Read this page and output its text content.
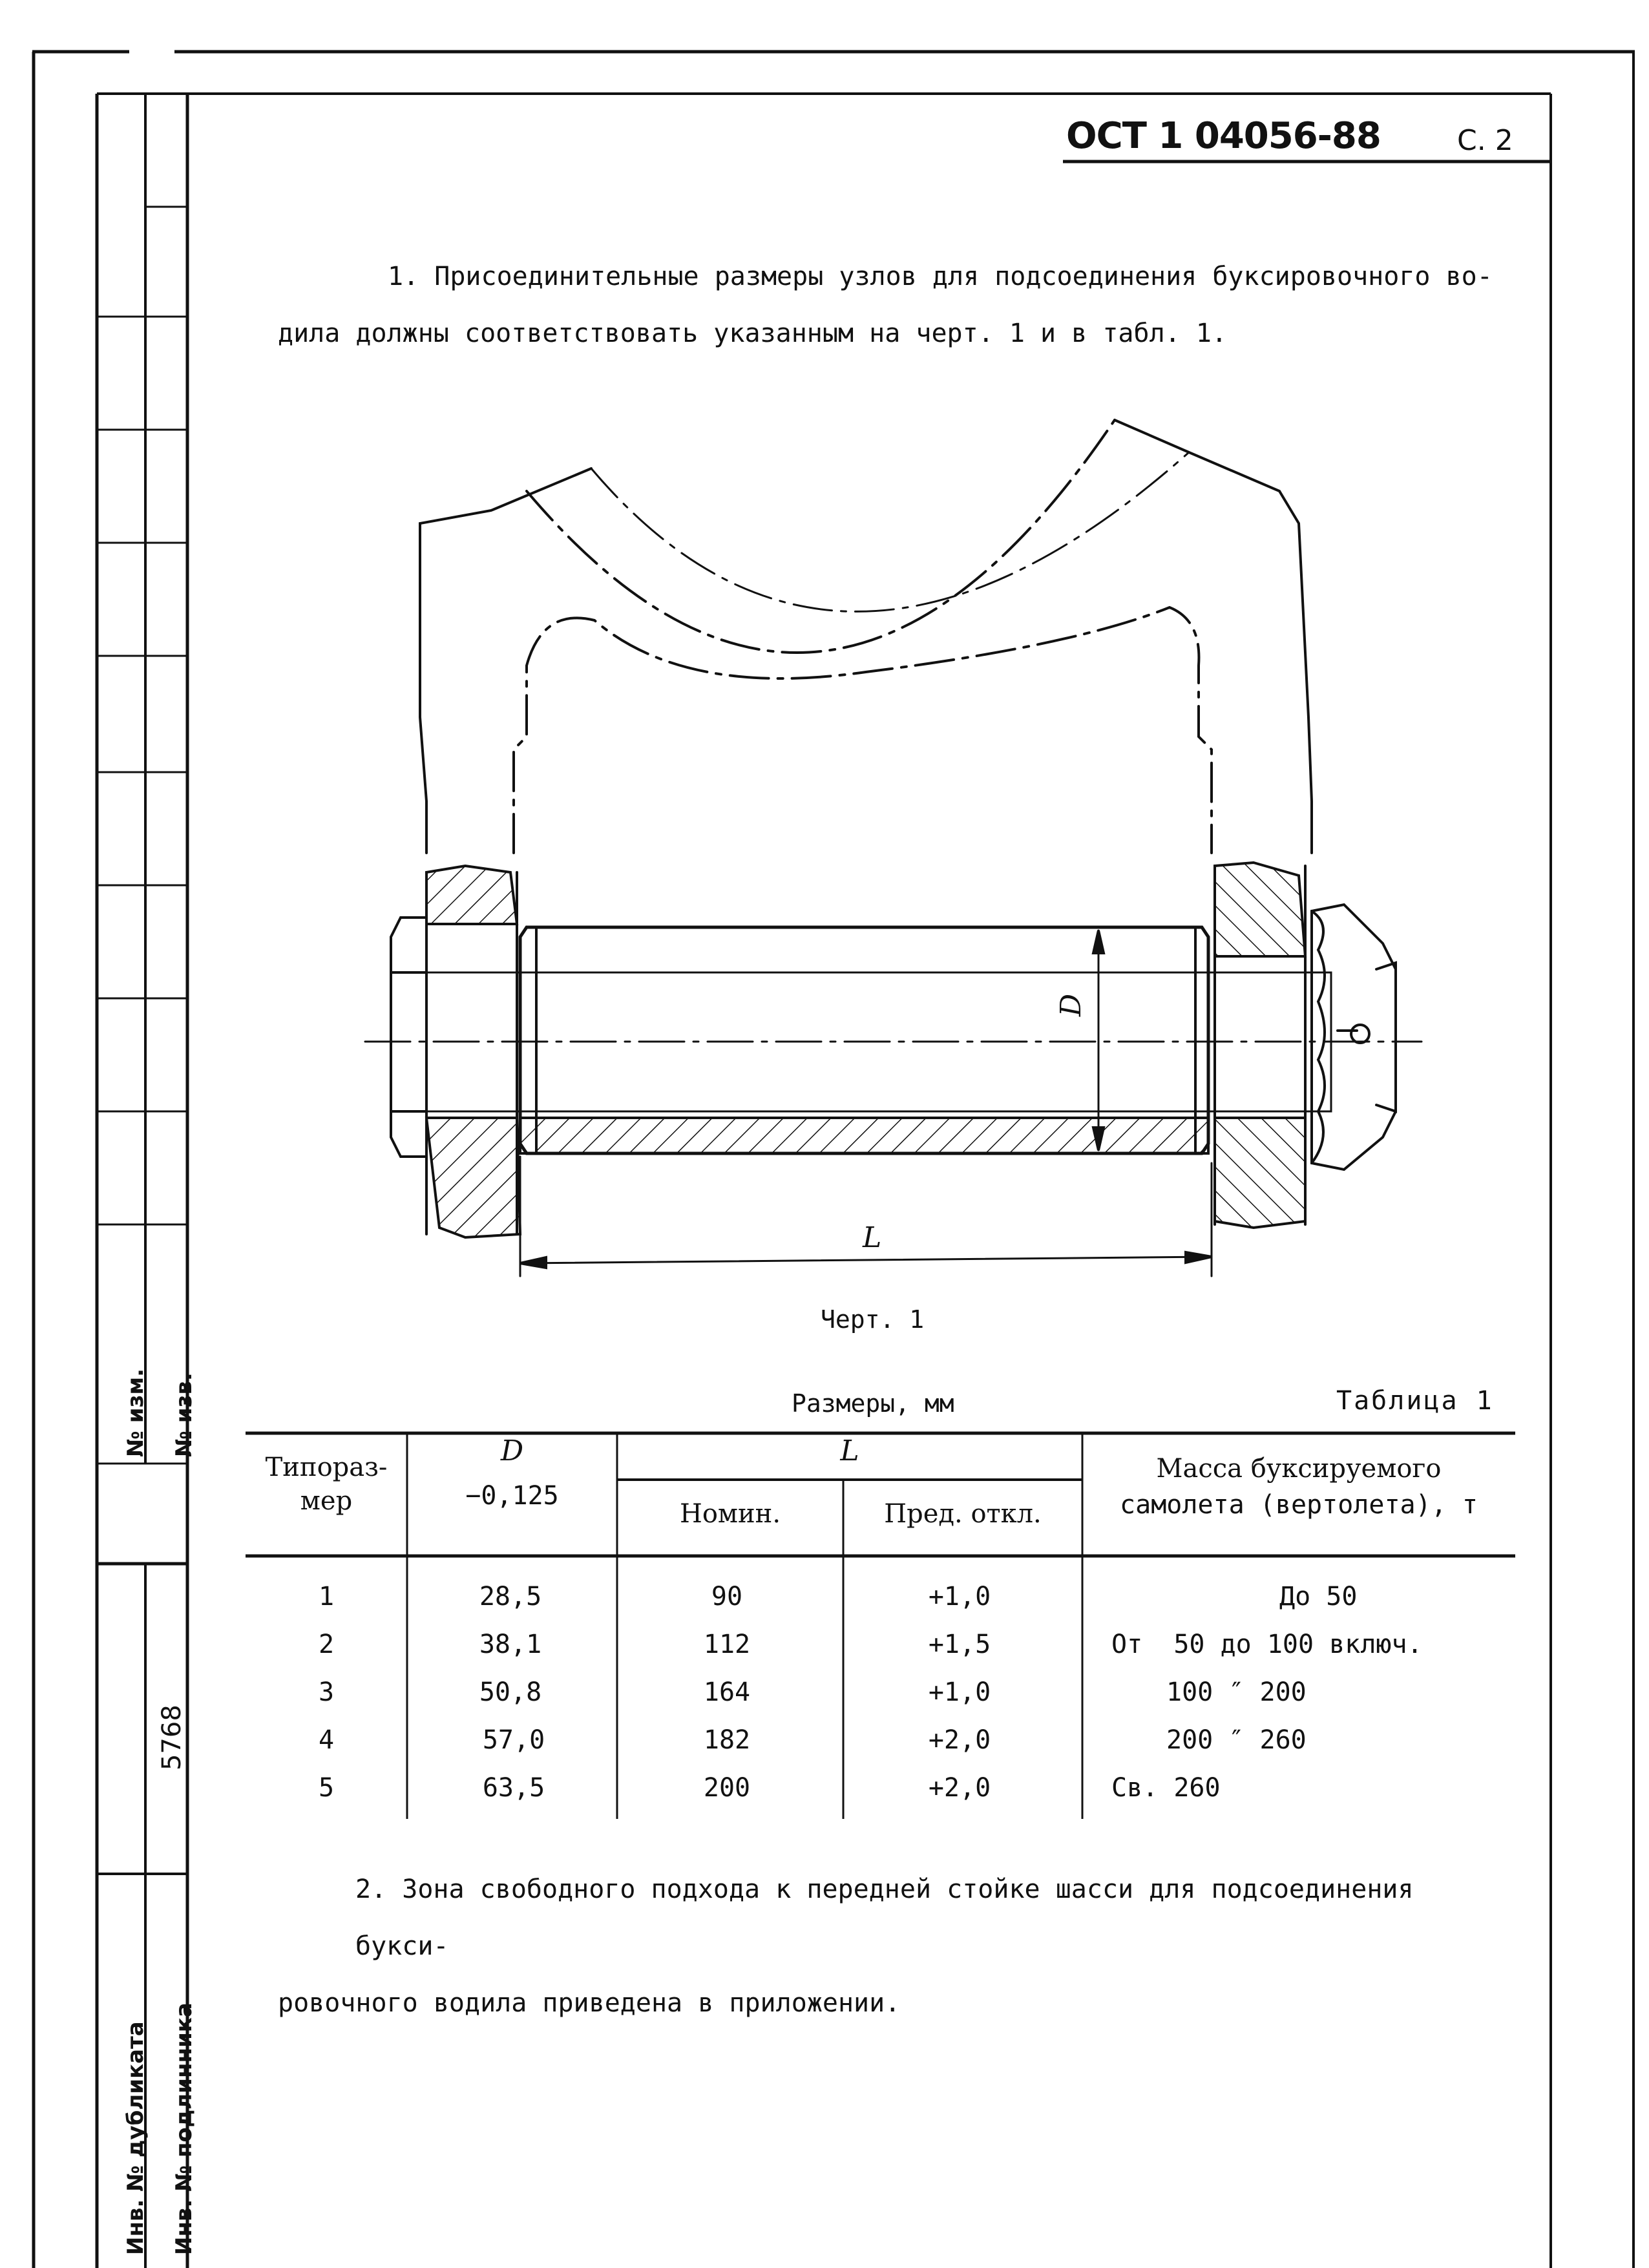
№ изм. № изв.
5768
Инв. № дубликата Инв. № подлинника
ОСТ 1 04056-88	С. 2
1. Присоединительные размеры узлов для подсоединения буксировочного во-
дила должны соответствовать указанным на черт. 1 и в табл. 1.
D
L
Черт. 1
Размеры, мм	Таблица 1
Типораз-
мер
D
−0,125
L
Номин.	Пред. откл.
Масса буксируемого
самолета (вертолета), т
1	28,5	90	+1,0	До 50
2	38,1	112	+1,5	От  50 до 100 включ.
3	50,8	164	+1,0	100 ″ 200
4	57,0	182	+2,0	200 ″ 260
5	63,5	200	+2,0	Св. 260
2. Зона свободного подхода к передней стойке шасси для подсоединения букси-
ровочного водила приведена в приложении.
